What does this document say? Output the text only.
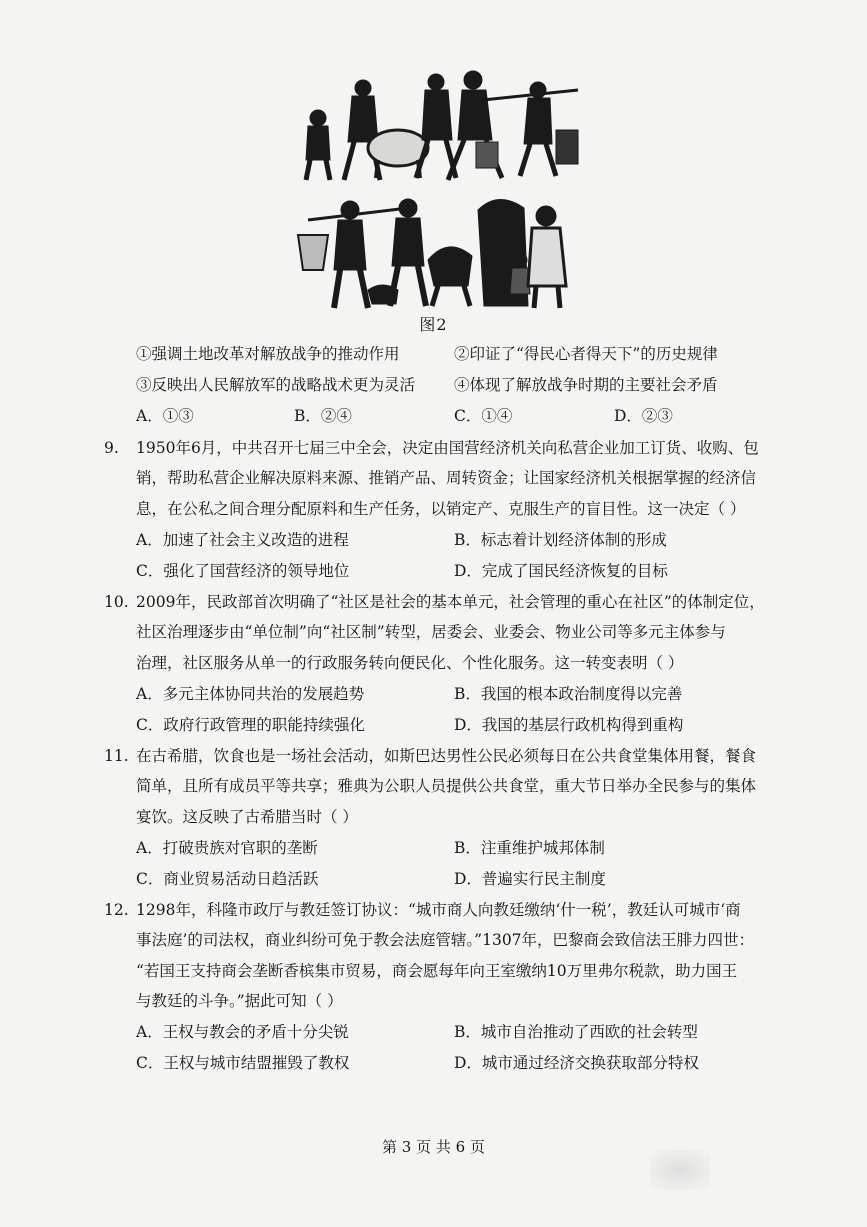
图2
①强调土地改革对解放战争的推动作用	②印证了“得民心者得天下”的历史规律
③反映出人民解放军的战略战术更为灵活	④体现了解放战争时期的主要社会矛盾
A．①③	B．②④	C．①④	D．②③
9. 1950年6月，中共召开七届三中全会，决定由国营经济机关向私营企业加工订货、收购、包
销，帮助私营企业解决原料来源、推销产品、周转资金；让国家经济机关根据掌握的经济信
息，在公私之间合理分配原料和生产任务，以销定产、克服生产的盲目性。这一决定（ ）
A．加速了社会主义改造的进程	B．标志着计划经济体制的形成
C．强化了国营经济的领导地位	D．完成了国民经济恢复的目标
10. 2009年，民政部首次明确了“社区是社会的基本单元，社会管理的重心在社区”的体制定位，
社区治理逐步由“单位制”向“社区制”转型，居委会、业委会、物业公司等多元主体参与
治理，社区服务从单一的行政服务转向便民化、个性化服务。这一转变表明（ ）
A．多元主体协同共治的发展趋势	B．我国的根本政治制度得以完善
C．政府行政管理的职能持续强化	D．我国的基层行政机构得到重构
11. 在古希腊，饮食也是一场社会活动，如斯巴达男性公民必须每日在公共食堂集体用餐，餐食
简单，且所有成员平等共享；雅典为公职人员提供公共食堂，重大节日举办全民参与的集体
宴饮。这反映了古希腊当时（ ）
A．打破贵族对官职的垄断	B．注重维护城邦体制
C．商业贸易活动日趋活跃	D．普遍实行民主制度
12. 1298年，科隆市政厅与教廷签订协议：“城市商人向教廷缴纳‘什一税’，教廷认可城市‘商
事法庭’的司法权，商业纠纷可免于教会法庭管辖。”1307年，巴黎商会致信法王腓力四世：
“若国王支持商会垄断香槟集市贸易，商会愿每年向王室缴纳10万里弗尔税款，助力国王
与教廷的斗争。”据此可知（ ）
A．王权与教会的矛盾十分尖锐	B．城市自治推动了西欧的社会转型
C．王权与城市结盟摧毁了教权	D．城市通过经济交换获取部分特权
第 3 页 共 6 页
